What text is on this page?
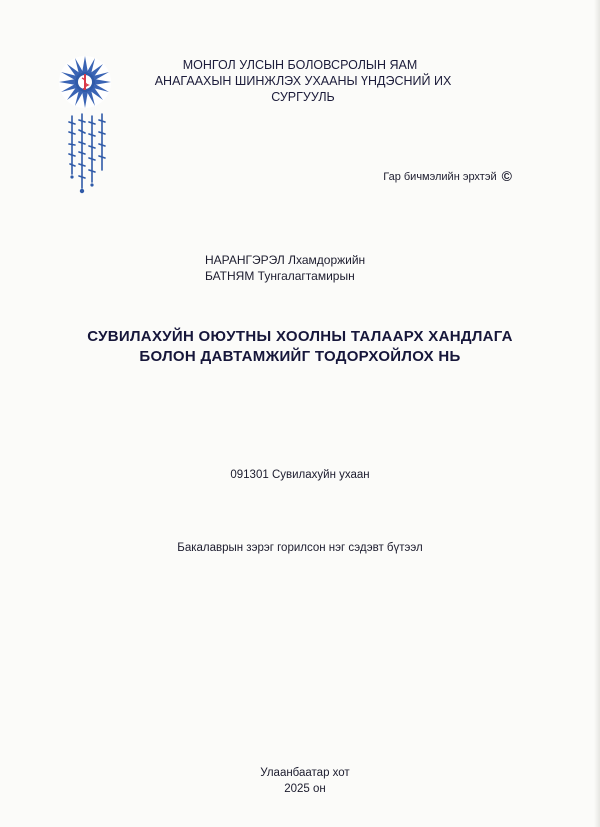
МОНГОЛ УЛСЫН БОЛОВСРОЛЫН ЯАМ
АНАГААХЫН ШИНЖЛЭХ УХААНЫ ҮНДЭСНИЙ ИХ СУРГУУЛЬ
Гар бичмэлийн эрхтэй ©
НАРАНГЭРЭЛ Лхамдоржийн
БАТНЯМ Тунгалагтамирын
СУВИЛАХУЙН ОЮУТНЫ ХООЛНЫ ТАЛААРХ ХАНДЛАГА
БОЛОН ДАВТАМЖИЙГ ТОДОРХОЙЛОХ НЬ
091301 Сувилахуйн ухаан
Бакалаврын зэрэг горилсон нэг сэдэвт бүтээл
Улаанбаатар хот
2025 он
